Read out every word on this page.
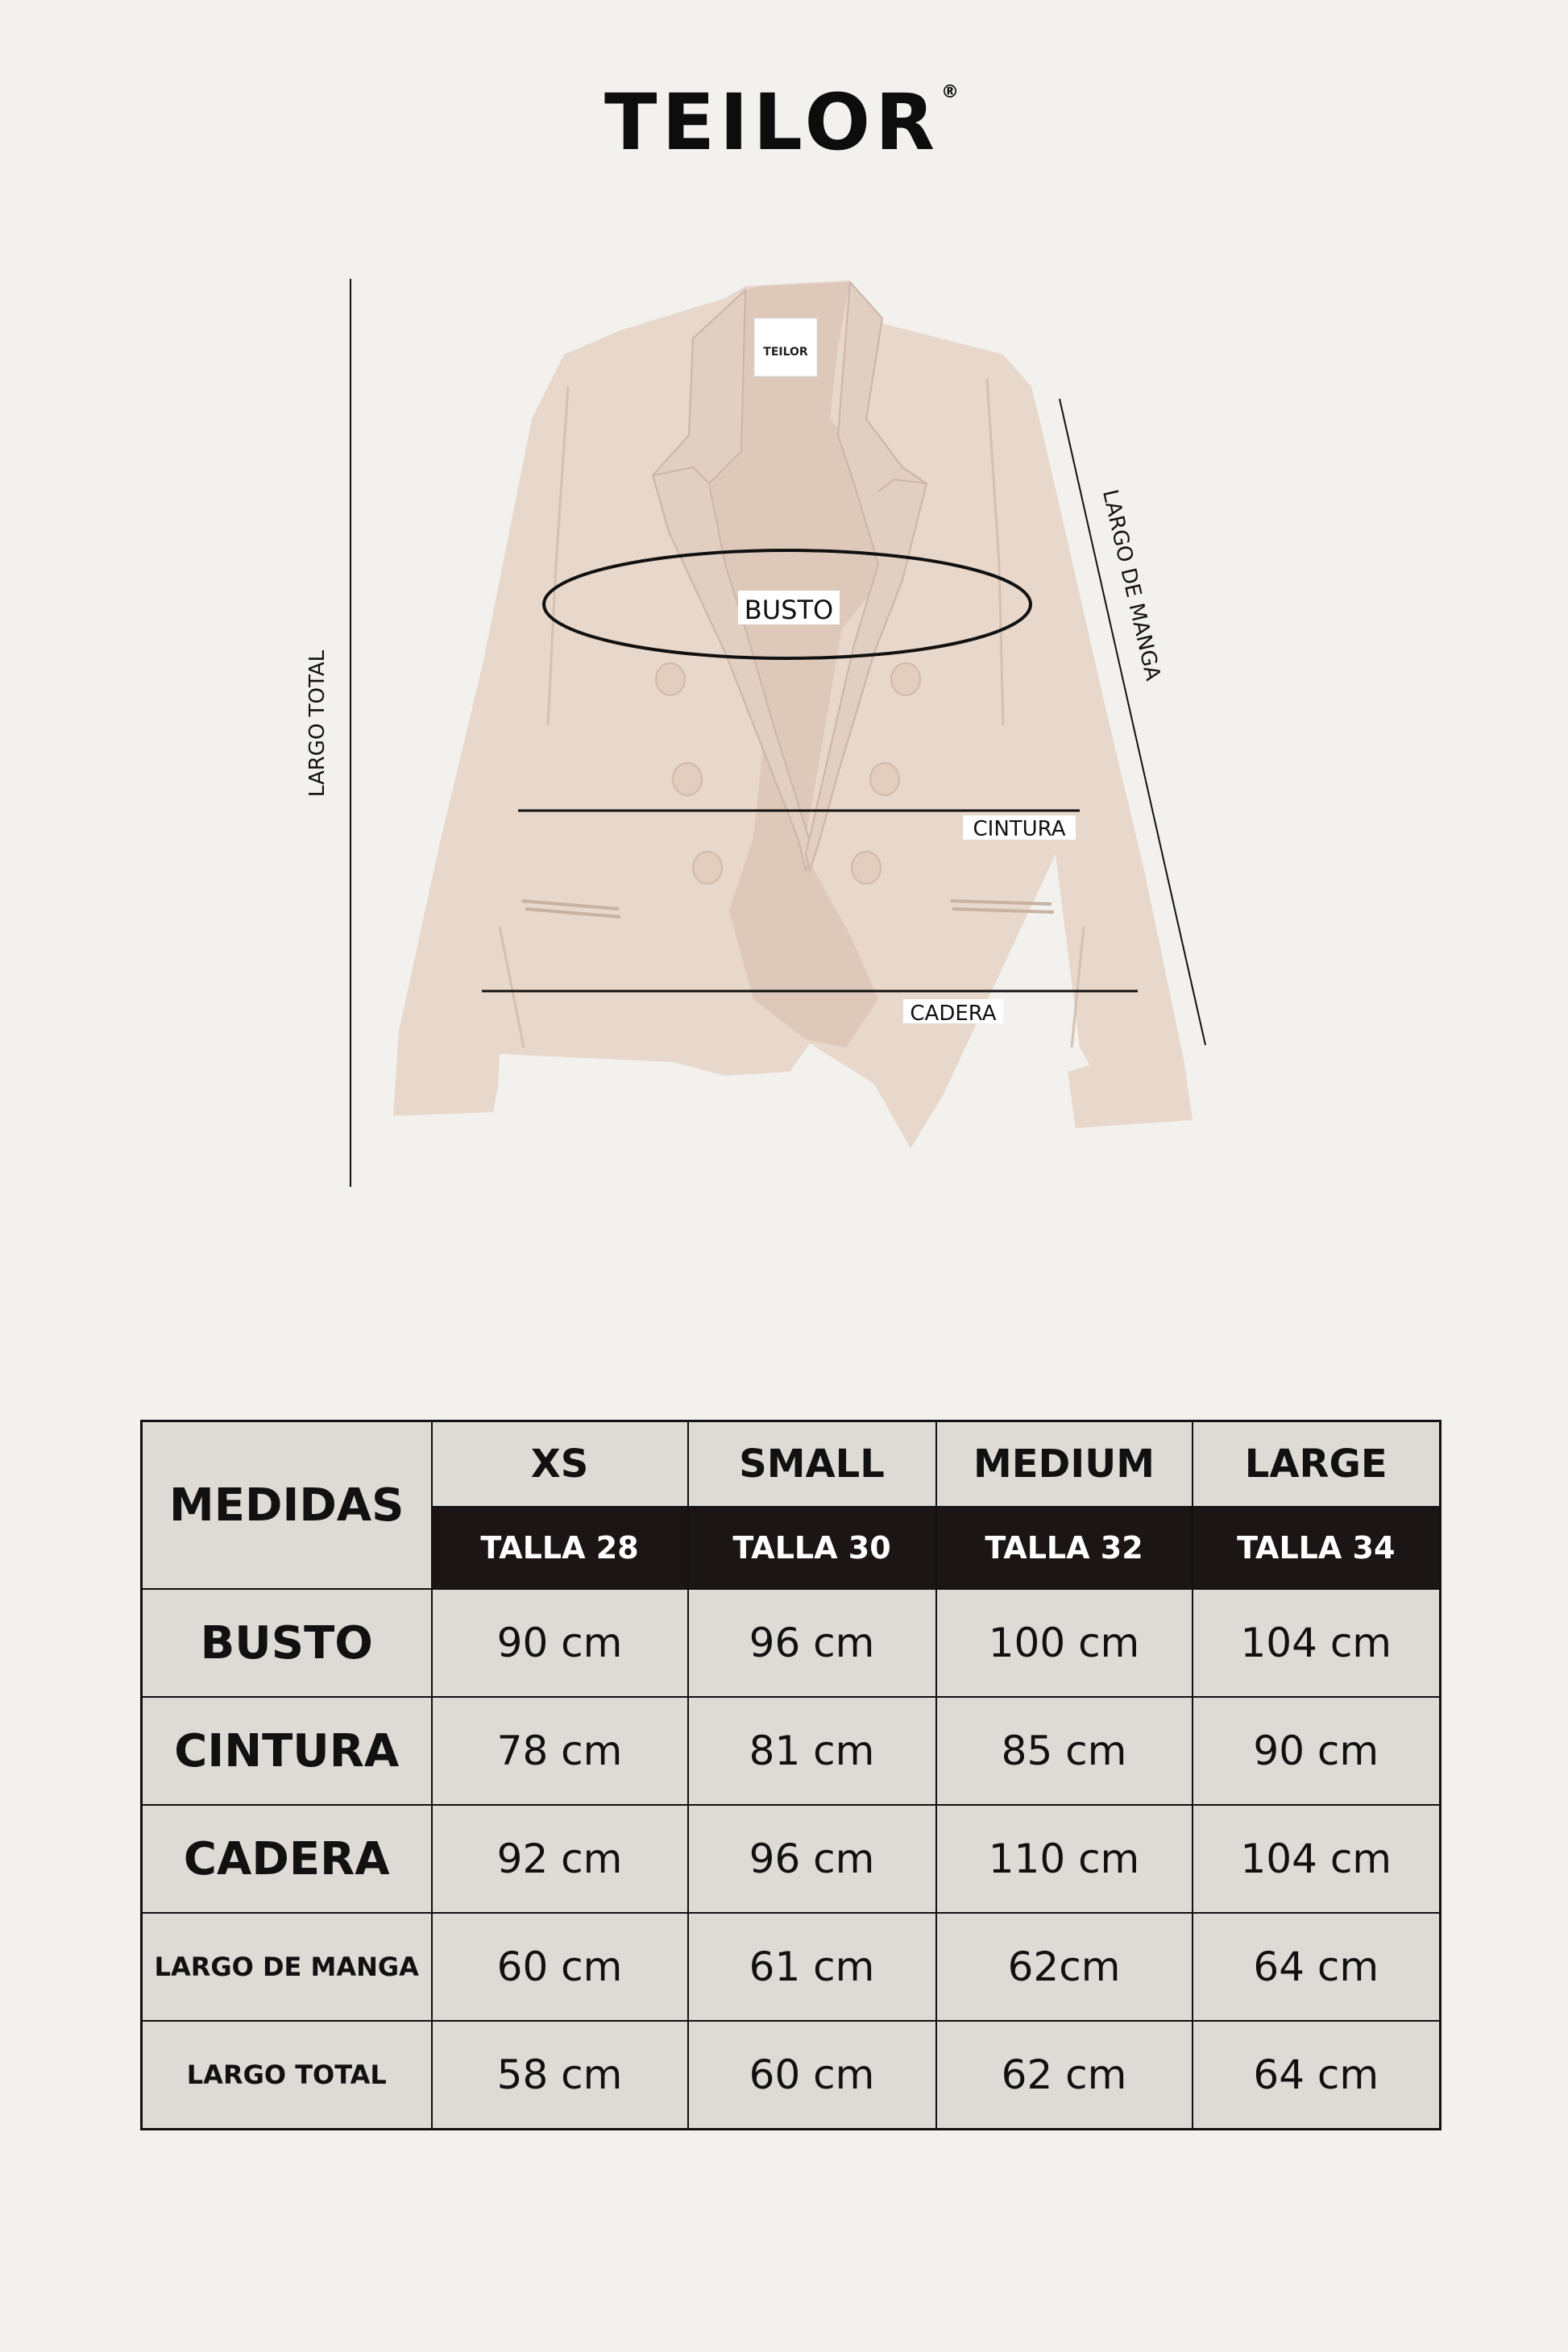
TEILOR®
TEILOR
BUSTO
CINTURA
CADERA
LARGO TOTAL
LARGO DE MANGA
MEDIDAS	XS	SMALL	MEDIUM	LARGE
	TALLA 28	TALLA 30	TALLA 32	TALLA 34
BUSTO	90 cm	96 cm	100 cm	104 cm
CINTURA	78 cm	81 cm	85 cm	90 cm
CADERA	92 cm	96 cm	110 cm	104 cm
LARGO DE MANGA	60 cm	61 cm	62cm	64 cm
LARGO TOTAL	58 cm	60 cm	62 cm	64 cm
